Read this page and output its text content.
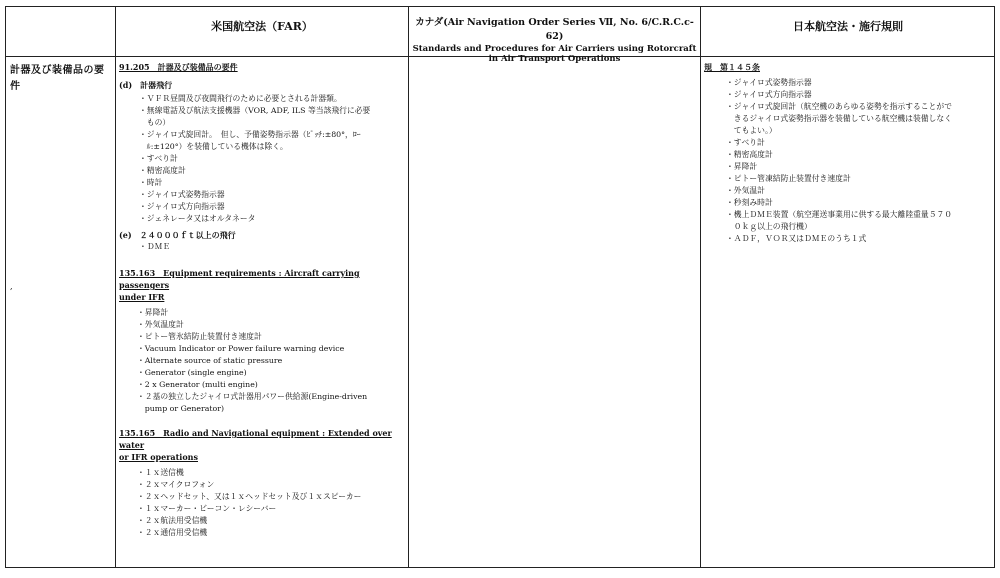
米国航空法（FAR）	カナダ(Air Navigation Order Series Ⅶ, No. 6/C.R.C.c-62)
Standards and Procedures for Air Carriers using Rotorcraft
in Air Transport Operations
日本航空法・施行規則
計器及び装備品の要
件
,

91.205　計器及び装備品の要件

(d)　計器飛行

・ＶＦＲ昼間及び夜間飛行のために必要とされる計器類。

・無線電話及び航法支援機器（VOR, ADF, ILS 等当該飛行に必要

　もの）

・ジャイロ式旋回計。　但し、予備姿勢指示器（ﾋﾟｯﾁ:±80°，ﾛｰ

　ﾙ:±120°）を装備している機体は除く。

・すべり計

・精密高度計

・時計

・ジャイロ式姿勢指示器

・ジャイロ式方向指示器

・ジェネレータ又はオルタネータ

(e)　２４０００ｆｔ以上の飛行

・ＤＭＥ

135.163　Equipment requirements : Aircraft carrying passengers

under IFR

・昇降計

・外気温度計

・ピトー管氷結防止装置付き速度計

・Vacuum Indicator or Power failure warning device

・Alternate source of static pressure

・Generator (single engine)

・2 x Generator (multi engine)

・２基の独立したジャイロ式計器用パワー供給源(Engine-driven

　pump or Generator)

135.165　Radio and Navigational equipment : Extended over water

or IFR operations

・１ｘ送信機

・２ｘマイクロフォン

・２ｘヘッドセット、又は１ｘヘッドセット及び１ｘスピーカー

・１ｘマーカー・ビーコン・レシーバー

・２ｘ航法用受信機

・２ｘ通信用受信機

規　第１４５条

・ジャイロ式姿勢指示器

・ジャイロ式方向指示器

・ジャイロ式旋回計（航空機のあらゆる姿勢を指示することがで

　きるジャイロ式姿勢指示器を装備している航空機は装備しなく

　てもよい。）

・すべり計

・精密高度計

・昇降計

・ピトー管凍結防止装置付き速度計

・外気温計

・秒刻み時計

・機上ＤＭＥ装置（航空運送事業用に供する最大離陸重量５７０

　０ｋｇ以上の飛行機）

・ＡＤＦ，ＶＯＲ又はＤＭＥのうち１式
